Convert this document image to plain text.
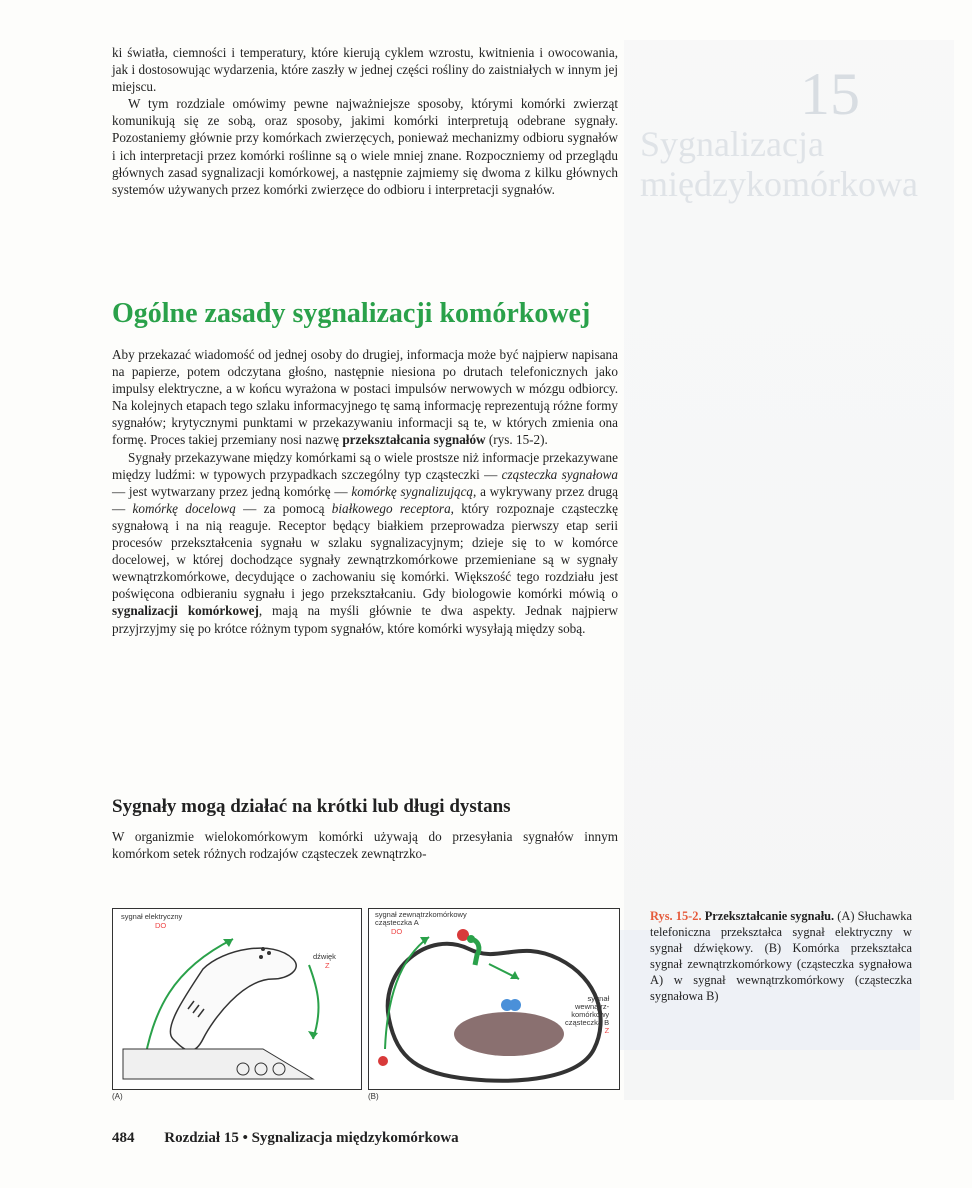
15
Sygnalizacja
międzykomórkowa

ki światła, ciemności i temperatury, które kierują cyklem wzrostu, kwitnienia i owocowania, jak i dostosowując wydarzenia, które zaszły w jednej części rośliny do zaistniałych w innym jej miejscu.

W tym rozdziale omówimy pewne najważniejsze sposoby, którymi komórki zwierząt komunikują się ze sobą, oraz sposoby, jakimi komórki interpretują odebrane sygnały. Pozostaniemy głównie przy komórkach zwierzęcych, ponieważ mechanizmy odbioru sygnałów i ich interpretacji przez komórki roślinne są o wiele mniej znane. Rozpoczniemy od przeglądu głównych zasad sygnalizacji komórkowej, a następnie zajmiemy się dwoma z kilku głównych systemów używanych przez komórki zwierzęce do odbioru i interpretacji sygnałów.

Ogólne zasady sygnalizacji komórkowej

Aby przekazać wiadomość od jednej osoby do drugiej, informacja może być najpierw napisana na papierze, potem odczytana głośno, następnie niesiona po drutach telefonicznych jako impulsy elektryczne, a w końcu wyrażona w postaci impulsów nerwowych w mózgu odbiorcy. Na kolejnych etapach tego szlaku informacyjnego tę samą informację reprezentują różne formy sygnałów; krytycznymi punktami w przekazywaniu informacji są te, w których zmienia ona formę. Proces takiej przemiany nosi nazwę przekształcania sygnałów (rys. 15-2).

Sygnały przekazywane między komórkami są o wiele prostsze niż informacje przekazywane między ludźmi: w typowych przypadkach szczególny typ cząsteczki — cząsteczka sygnałowa — jest wytwarzany przez jedną komórkę — komórkę sygnalizującą, a wykrywany przez drugą — komórkę docelową — za pomocą białkowego receptora, który rozpoznaje cząsteczkę sygnałową i na nią reaguje. Receptor będący białkiem przeprowadza pierwszy etap serii procesów przekształcenia sygnału w szlaku sygnalizacyjnym; dzieje się to w komórce docelowej, w której dochodzące sygnały zewnątrzkomórkowe przemieniane są w sygnały wewnątrzkomórkowe, decydujące o zachowaniu się komórki. Większość tego rozdziału jest poświęcona odbieraniu sygnału i jego przekształcaniu. Gdy biologowie komórki mówią o sygnalizacji komórkowej, mają na myśli głównie te dwa aspekty. Jednak najpierw przyjrzyjmy się po krótce różnym typom sygnałów, które komórki wysyłają między sobą.

Sygnały mogą działać na krótki lub długi dystans

W organizmie wielokomórkowym komórki używają do przesyłania sygnałów innym komórkom setek różnych rodzajów cząsteczek zewnątrzko-

sygnał elektryczny
DO
dźwięk
Z
(A)
sygnał zewnątrzkomórkowy
cząsteczka A
DO
sygnał
wewnątrz-
komórkowy
cząsteczka B
Z
(B)
Rys. 15-2. Przekształcanie sygnału. (A) Słuchawka telefoniczna przekształca sygnał elektryczny w sygnał dźwiękowy. (B) Komórka przekształca sygnał zewnątrzkomórkowy (cząsteczka sygnałowa A) w sygnał wewnątrzkomórkowy (cząsteczka sygnałowa B)
484 Rozdział 15 • Sygnalizacja międzykomórkowa
